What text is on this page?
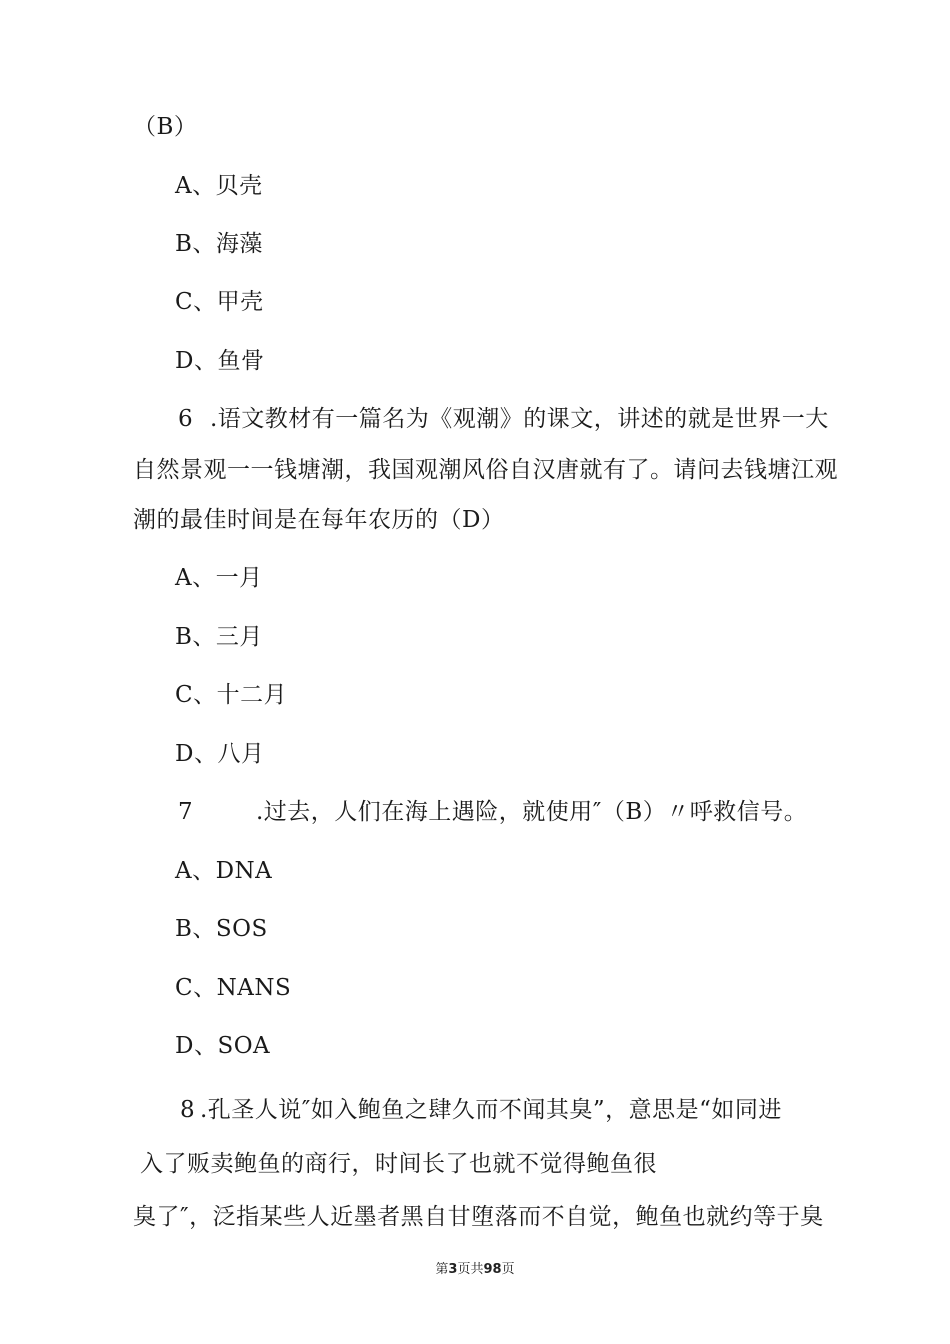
（B）
A、贝壳
B、海藻
C、甲壳
D、鱼骨
6 .语文教材有一篇名为《观潮》的课文，讲述的就是世界一大
自然景观一一钱塘潮，我国观潮风俗自汉唐就有了。请问去钱塘江观
潮的最佳时间是在每年农历的（D）
A、一月
B、三月
C、十二月
D、八月
7	.过去，人们在海上遇险，就使用″（B）〃呼救信号。
A、DNA
B、SOS
C、NANS
D、SOA
8 .孔圣人说″如入鲍鱼之肆久而不闻其臭”，意思是“如同进
入了贩卖鲍鱼的商行，时间长了也就不觉得鲍鱼很
臭了″，泛指某些人近墨者黑自甘堕落而不自觉，鲍鱼也就约等于臭
第3页共98页
